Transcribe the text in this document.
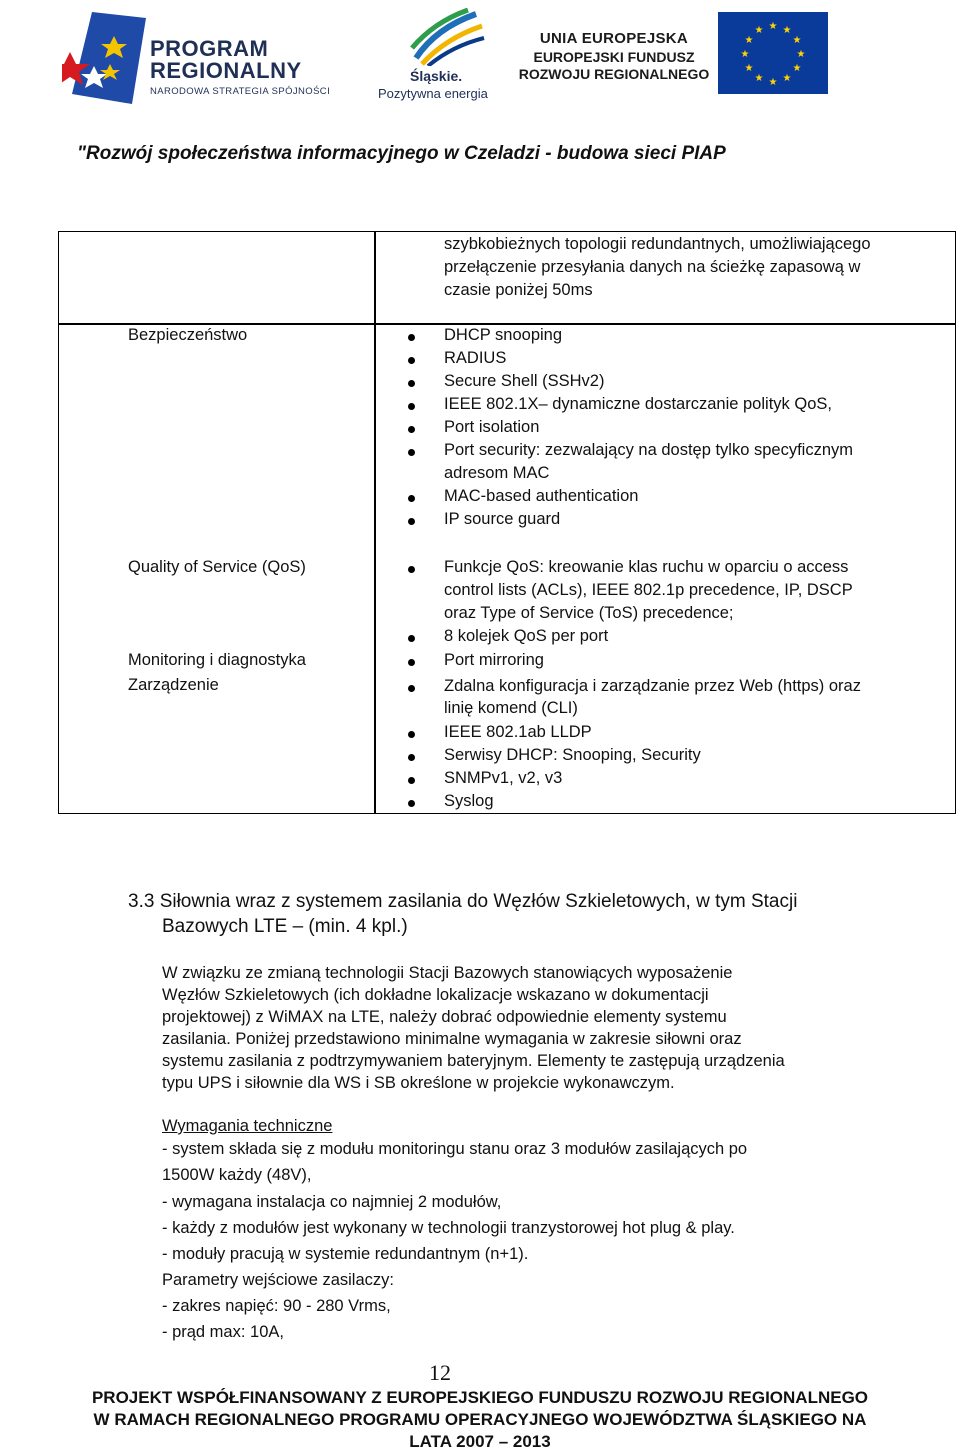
PROGRAM
REGIONALNY
NARODOWA STRATEGIA SPÓJNOŚCI
Śląskie.
Pozytywna energia
UNIA EUROPEJSKA
EUROPEJSKI FUNDUSZ
ROZWOJU REGIONALNEGO
★ ★
★
★
★
★
★
★
★
★
★
★
"Rozwój społeczeństwa informacyjnego w Czeladzi - budowa sieci PIAP
szybkobieżnych topologii redundantnych, umożliwiającego
przełączenie przesyłania danych na ścieżkę zapasową w
czasie poniżej 50ms
Bezpieczeństwo	DHCP snooping
RADIUS
Secure Shell (SSHv2)
IEEE 802.1X– dynamiczne dostarczanie polityk QoS,
Port isolation
Port security: zezwalający na dostęp tylko specyficznym
adresom MAC
MAC-based authentication
IP source guard
Quality of Service (QoS)	Funkcje QoS: kreowanie klas ruchu w oparciu o access
control lists (ACLs), IEEE 802.1p precedence, IP, DSCP
oraz Type of Service (ToS) precedence;
8 kolejek QoS per port
Monitoring i diagnostyka	Port mirroring
Zarządzenie	Zdalna konfiguracja i zarządzanie przez Web (https) oraz
linię komend (CLI)
IEEE 802.1ab LLDP
Serwisy DHCP: Snooping, Security
SNMPv1, v2, v3
Syslog
3.3 Siłownia wraz z systemem zasilania do Węzłów Szkieletowych, w tym Stacji
Bazowych LTE – (min. 4 kpl.)
W związku ze zmianą technologii Stacji Bazowych stanowiących wyposażenie
Węzłów Szkieletowych (ich dokładne lokalizacje wskazano w dokumentacji
projektowej) z WiMAX na LTE, należy dobrać odpowiednie elementy systemu
zasilania. Poniżej przedstawiono minimalne wymagania w zakresie siłowni oraz
systemu zasilania z podtrzymywaniem bateryjnym. Elementy te zastępują urządzenia
typu UPS i siłownie dla WS i SB określone w projekcie wykonawczym.
Wymagania techniczne
- system składa się z modułu monitoringu stanu oraz 3 modułów zasilających po
1500W każdy (48V),
- wymagana instalacja co najmniej 2 modułów,
- każdy z modułów jest wykonany w technologii tranzystorowej hot plug & play.
- moduły pracują w systemie redundantnym (n+1).
Parametry wejściowe zasilaczy:
- zakres napięć: 90 - 280 Vrms,
- prąd max: 10A,
12
PROJEKT WSPÓŁFINANSOWANY Z EUROPEJSKIEGO FUNDUSZU ROZWOJU REGIONALNEGO
W RAMACH REGIONALNEGO PROGRAMU OPERACYJNEGO WOJEWÓDZTWA ŚLĄSKIEGO NA
LATA 2007 – 2013
